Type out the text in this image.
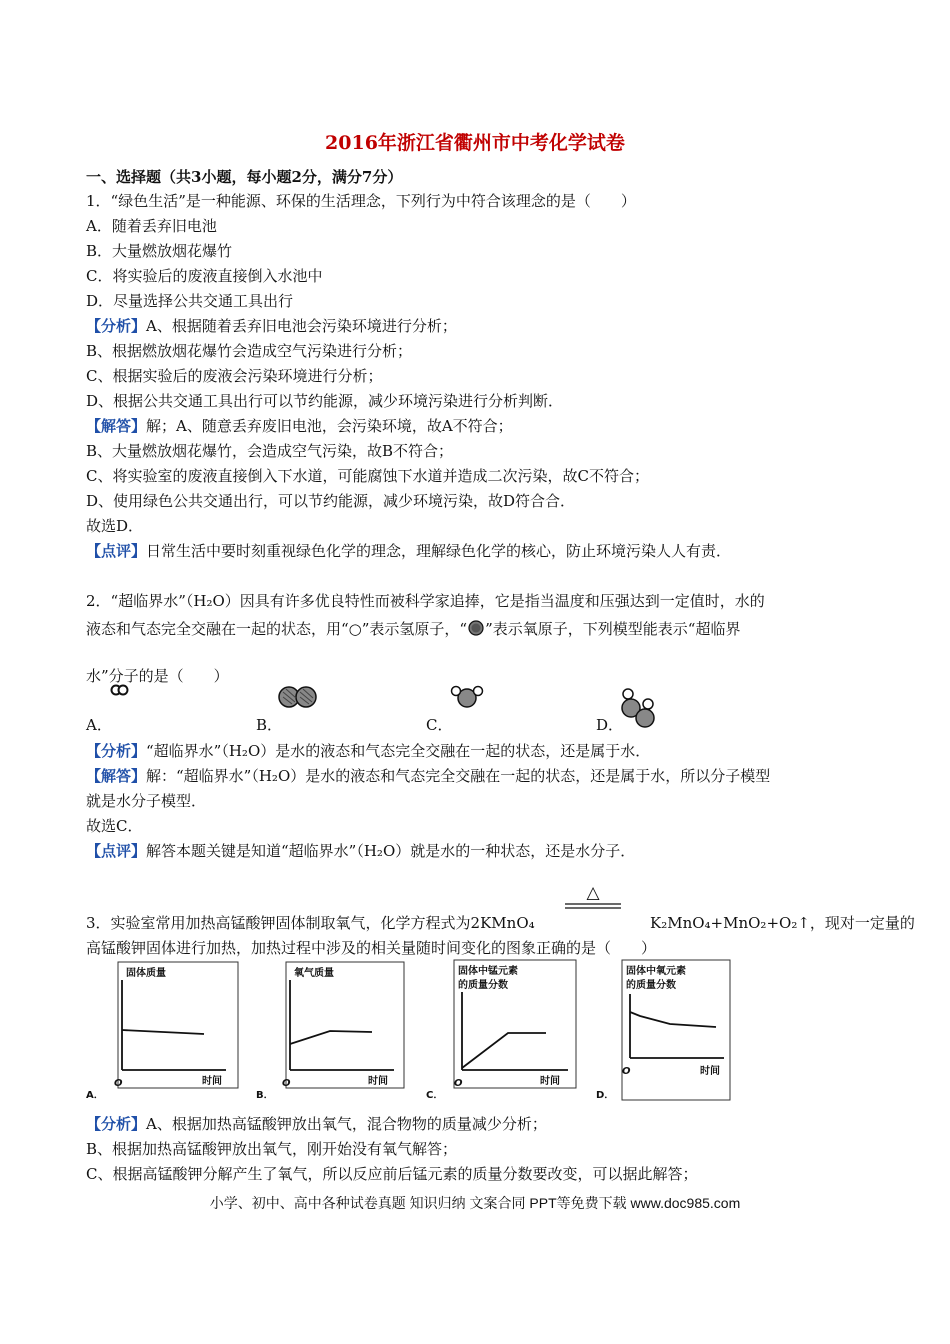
2016年浙江省衢州市中考化学试卷
一、选择题（共3小题，每小题2分，满分7分）
1．“绿色生活”是一种能源、环保的生活理念，下列行为中符合该理念的是（　　）
A．随着丢弃旧电池
B．大量燃放烟花爆竹
C．将实验后的废液直接倒入水池中
D．尽量选择公共交通工具出行
【分析】A、根据随着丢弃旧电池会污染环境进行分析；
B、根据燃放烟花爆竹会造成空气污染进行分析；
C、根据实验后的废液会污染环境进行分析；
D、根据公共交通工具出行可以节约能源，减少环境污染进行分析判断．
【解答】解；A、随意丢弃废旧电池，会污染环境，故A不符合；
B、大量燃放烟花爆竹，会造成空气污染，故B不符合；
C、将实验室的废液直接倒入下水道，可能腐蚀下水道并造成二次污染，故C不符合；
D、使用绿色公共交通出行，可以节约能源，减少环境污染，故D符合合．
故选D．
【点评】日常生活中要时刻重视绿色化学的理念，理解绿色化学的核心，防止环境污染人人有责．
2．“超临界水”（H₂O）因具有许多优良特性而被科学家追捧，它是指当温度和压强达到一定值时，水的
液态和气态完全交融在一起的状态，用“○”表示氢原子，“ ”表示氧原子，下列模型能表示“超临界
水”分子的是（　　）
A．	B．	C．	D．
【分析】“超临界水”（H₂O）是水的液态和气态完全交融在一起的状态，还是属于水．
【解答】解：“超临界水”（H₂O）是水的液态和气态完全交融在一起的状态，还是属于水，所以分子模型
就是水分子模型．
故选C．
【点评】解答本题关键是知道“超临界水”（H₂O）就是水的一种状态，还是水分子．
△
3．实验室常用加热高锰酸钾固体制取氧气，化学方程式为2KMnO₄	K₂MnO₄+MnO₂+O₂↑，现对一定量的
高锰酸钾固体进行加热，加热过程中涉及的相关量随时间变化的图象正确的是（　　）
A．
固体质量
O	时间
B．
氧气质量
O	时间
C．
固体中锰元素
的质量分数
O	时间
D．
固体中氧元素
的质量分数
O	时间
【分析】A、根据加热高锰酸钾放出氧气，混合物物的质量减少分析；
B、根据加热高锰酸钾放出氧气，刚开始没有氧气解答；
C、根据高锰酸钾分解产生了氧气，所以反应前后锰元素的质量分数要改变，可以据此解答；
小学、初中、高中各种试卷真题 知识归纳 文案合同 PPT等免费下载 www.doc985.com
